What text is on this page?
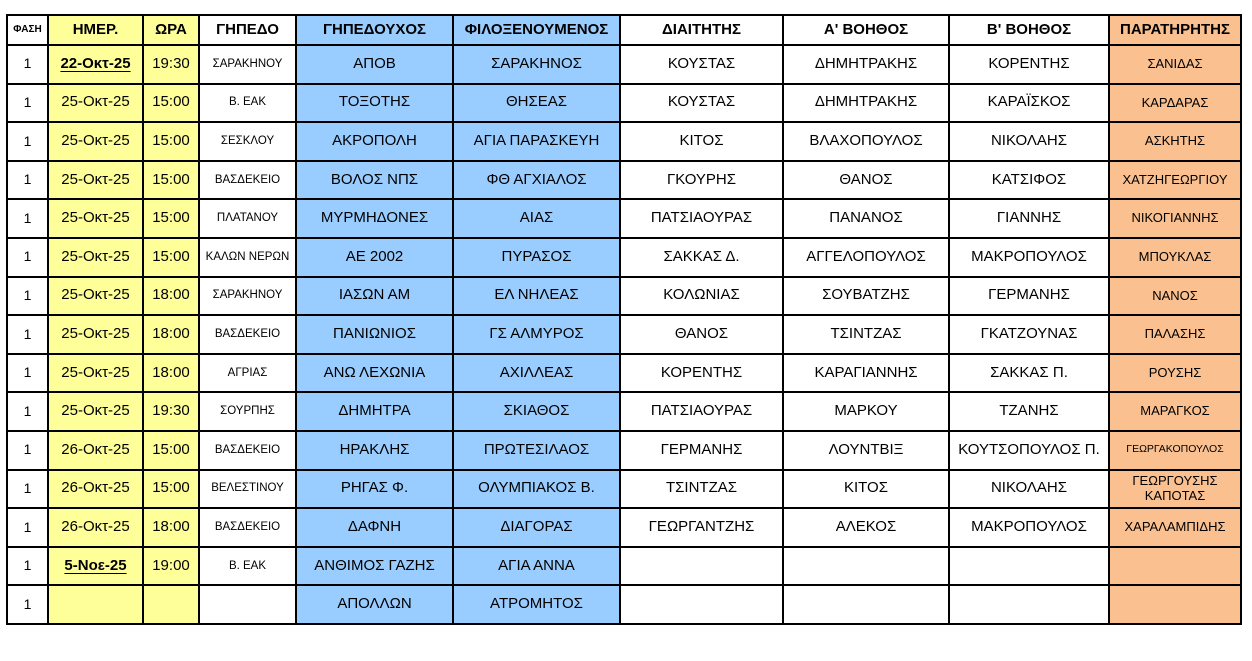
ΦΑΣΗ	ΗΜΕΡ.	ΩΡΑ	ΓΗΠΕΔΟ	ΓΗΠΕΔΟΥΧΟΣ	ΦΙΛΟΞΕΝΟΥΜΕΝΟΣ	ΔΙΑΙΤΗΤΗΣ	Α' ΒΟΗΘΟΣ	Β' ΒΟΗΘΟΣ	ΠΑΡΑΤΗΡΗΤΗΣ
1	22-Οκτ-25	19:30	ΣΑΡΑΚΗΝΟΥ	ΑΠΟΒ	ΣΑΡΑΚΗΝΟΣ	ΚΟΥΣΤΑΣ	ΔΗΜΗΤΡΑΚΗΣ	ΚΟΡΕΝΤΗΣ	ΣΑΝΙΔΑΣ
1	25-Οκτ-25	15:00	Β. ΕΑΚ	ΤΟΞΟΤΗΣ	ΘΗΣΕΑΣ	ΚΟΥΣΤΑΣ	ΔΗΜΗΤΡΑΚΗΣ	ΚΑΡΑΪΣΚΟΣ	ΚΑΡΔΑΡΑΣ
1	25-Οκτ-25	15:00	ΣΕΣΚΛΟΥ	ΑΚΡΟΠΟΛΗ	ΑΓΙΑ ΠΑΡΑΣΚΕΥΗ	ΚΙΤΟΣ	ΒΛΑΧΟΠΟΥΛΟΣ	ΝΙΚΟΛΑΗΣ	ΑΣΚΗΤΗΣ
1	25-Οκτ-25	15:00	ΒΑΣΔΕΚΕΙΟ	ΒΟΛΟΣ ΝΠΣ	ΦΘ ΑΓΧΙΑΛΟΣ	ΓΚΟΥΡΗΣ	ΘΑΝΟΣ	ΚΑΤΣΙΦΟΣ	ΧΑΤΖΗΓΕΩΡΓΙΟΥ
1	25-Οκτ-25	15:00	ΠΛΑΤΑΝΟΥ	ΜΥΡΜΗΔΟΝΕΣ	ΑΙΑΣ	ΠΑΤΣΙΑΟΥΡΑΣ	ΠΑΝΑΝΟΣ	ΓΙΑΝΝΗΣ	ΝΙΚΟΓΙΑΝΝΗΣ
1	25-Οκτ-25	15:00	ΚΑΛΩΝ ΝΕΡΩΝ	ΑΕ 2002	ΠΥΡΑΣΟΣ	ΣΑΚΚΑΣ Δ.	ΑΓΓΕΛΟΠΟΥΛΟΣ	ΜΑΚΡΟΠΟΥΛΟΣ	ΜΠΟΥΚΛΑΣ
1	25-Οκτ-25	18:00	ΣΑΡΑΚΗΝΟΥ	ΙΑΣΩΝ ΑΜ	ΕΛ ΝΗΛΕΑΣ	ΚΟΛΩΝΙΑΣ	ΣΟΥΒΑΤΖΗΣ	ΓΕΡΜΑΝΗΣ	ΝΑΝΟΣ
1	25-Οκτ-25	18:00	ΒΑΣΔΕΚΕΙΟ	ΠΑΝΙΩΝΙΟΣ	ΓΣ ΑΛΜΥΡΟΣ	ΘΑΝΟΣ	ΤΣΙΝΤΖΑΣ	ΓΚΑΤΖΟΥΝΑΣ	ΠΑΛΑΣΗΣ
1	25-Οκτ-25	18:00	ΑΓΡΙΑΣ	ΑΝΩ ΛΕΧΩΝΙΑ	ΑΧΙΛΛΕΑΣ	ΚΟΡΕΝΤΗΣ	ΚΑΡΑΓΙΑΝΝΗΣ	ΣΑΚΚΑΣ Π.	ΡΟΥΣΗΣ
1	25-Οκτ-25	19:30	ΣΟΥΡΠΗΣ	ΔΗΜΗΤΡΑ	ΣΚΙΑΘΟΣ	ΠΑΤΣΙΑΟΥΡΑΣ	ΜΑΡΚΟΥ	ΤΖΑΝΗΣ	ΜΑΡΑΓΚΟΣ
1	26-Οκτ-25	15:00	ΒΑΣΔΕΚΕΙΟ	ΗΡΑΚΛΗΣ	ΠΡΩΤΕΣΙΛΑΟΣ	ΓΕΡΜΑΝΗΣ	ΛΟΥΝΤΒΙΞ	ΚΟΥΤΣΟΠΟΥΛΟΣ Π.	ΓΕΩΡΓΑΚΟΠΟΥΛΟΣ
1	26-Οκτ-25	15:00	ΒΕΛΕΣΤΙΝΟΥ	ΡΗΓΑΣ Φ.	ΟΛΥΜΠΙΑΚΟΣ Β.	ΤΣΙΝΤΖΑΣ	ΚΙΤΟΣ	ΝΙΚΟΛΑΗΣ	ΓΕΩΡΓΟΥΣΗΣ ΚΑΠΟΤΑΣ
1	26-Οκτ-25	18:00	ΒΑΣΔΕΚΕΙΟ	ΔΑΦΝΗ	ΔΙΑΓΟΡΑΣ	ΓΕΩΡΓΑΝΤΖΗΣ	ΑΛΕΚΟΣ	ΜΑΚΡΟΠΟΥΛΟΣ	ΧΑΡΑΛΑΜΠΙΔΗΣ
1	5-Νοε-25	19:00	Β. ΕΑΚ	ΑΝΘΙΜΟΣ ΓΑΖΗΣ	ΑΓΙΑ ΑΝΝΑ				
1				ΑΠΟΛΛΩΝ	ΑΤΡΟΜΗΤΟΣ				
